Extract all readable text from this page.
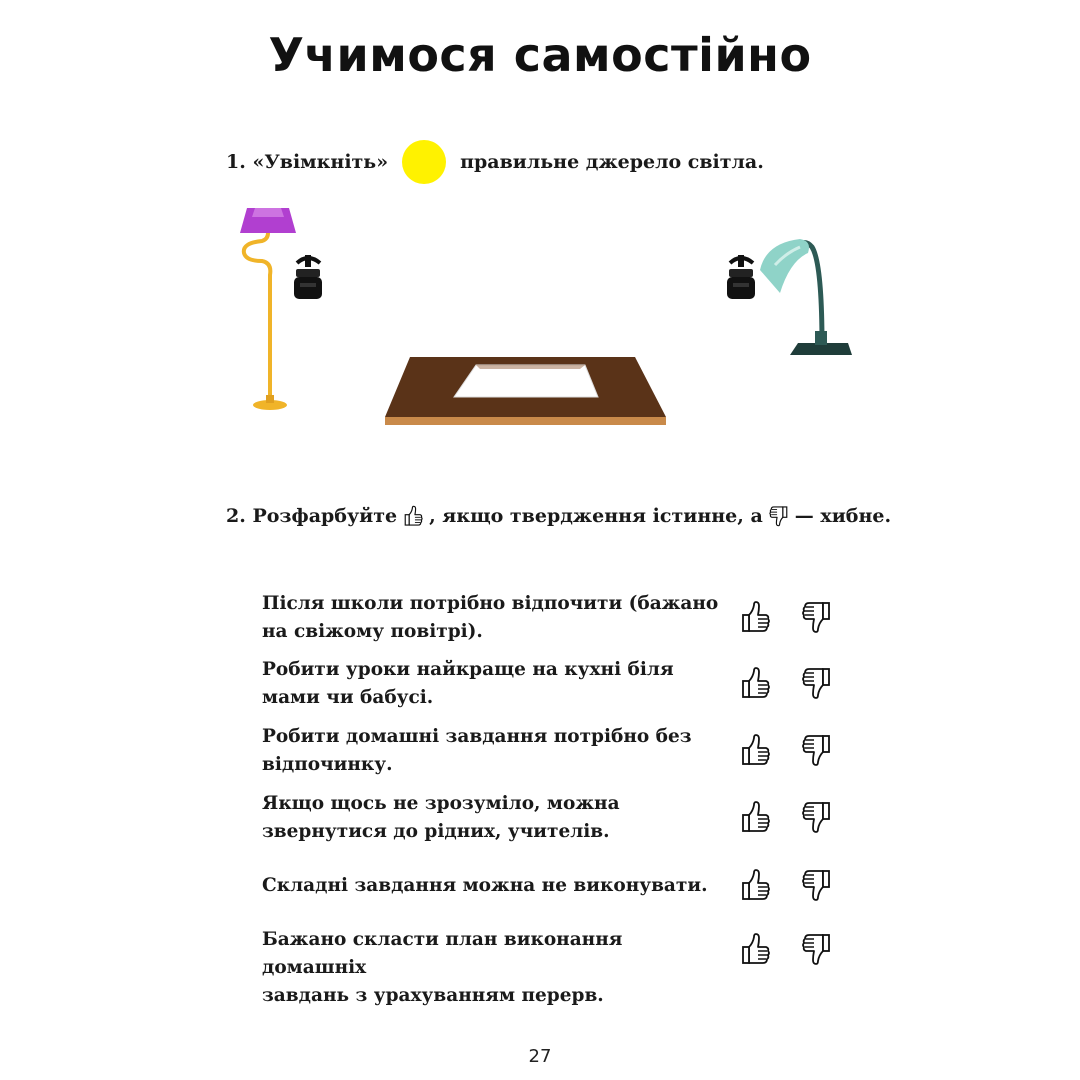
Учимося самостійно
1.
«Увімкніть»	правильне джерело світла.
2.
Розфарбуйте , якщо твердження істинне, а — хибне.
Після школи потрібно відпочити (бажано
на свіжому повітрі).
Робити уроки найкраще на кухні біля
мами чи бабусі.
Робити домашні завдання потрібно без
відпочинку.
Якщо щось не зрозуміло, можна
звернутися до рідних, учителів.
Складні завдання можна не виконувати.
Бажано скласти план виконання домашніх
завдань з урахуванням перерв.
27
